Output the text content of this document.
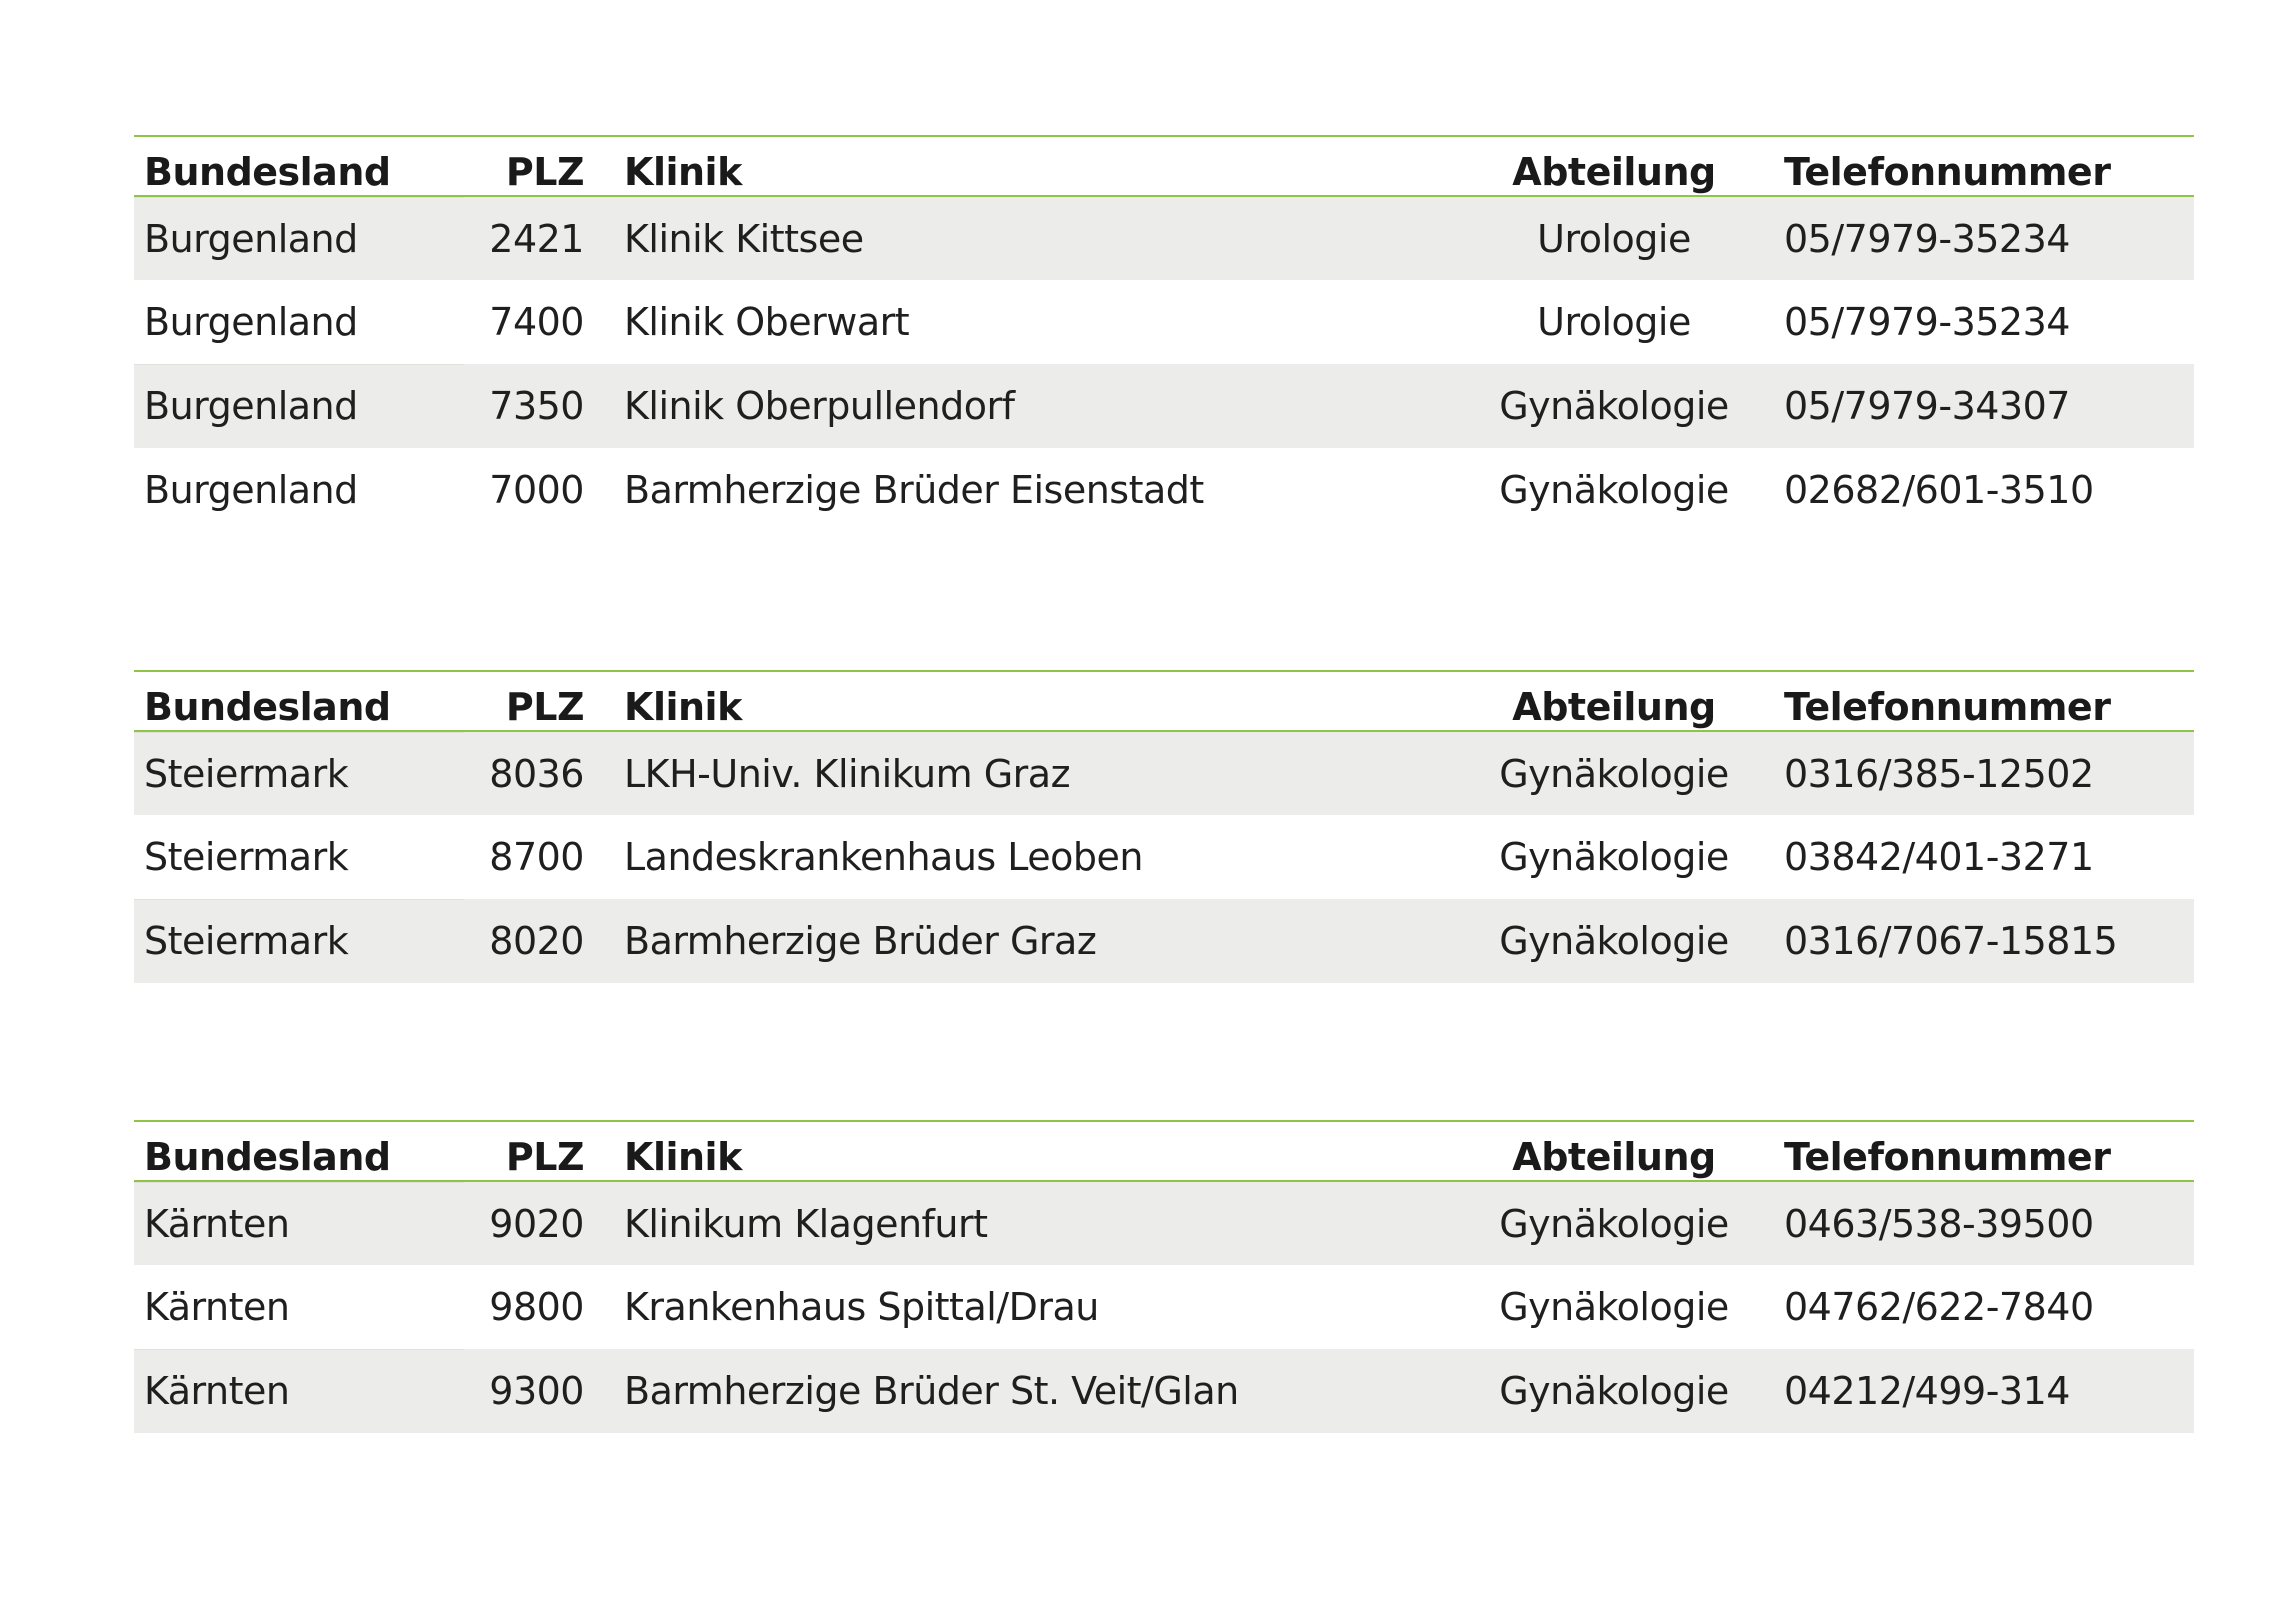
Bundesland	PLZ	Klinik	Abteilung	Telefonnummer
Burgenland	2421	Klinik Kittsee	Urologie	05/7979-35234
Burgenland	7400	Klinik Oberwart	Urologie	05/7979-35234
Burgenland	7350	Klinik Oberpullendorf	Gynäkologie	05/7979-34307
Burgenland	7000	Barmherzige Brüder Eisenstadt	Gynäkologie	02682/601-3510
Bundesland	PLZ	Klinik	Abteilung	Telefonnummer
Steiermark	8036	LKH-Univ. Klinikum Graz	Gynäkologie	0316/385-12502
Steiermark	8700	Landeskrankenhaus Leoben	Gynäkologie	03842/401-3271
Steiermark	8020	Barmherzige Brüder Graz	Gynäkologie	0316/7067-15815
Bundesland	PLZ	Klinik	Abteilung	Telefonnummer
Kärnten	9020	Klinikum Klagenfurt	Gynäkologie	0463/538-39500
Kärnten	9800	Krankenhaus Spittal/Drau	Gynäkologie	04762/622-7840
Kärnten	9300	Barmherzige Brüder St. Veit/Glan	Gynäkologie	04212/499-314
